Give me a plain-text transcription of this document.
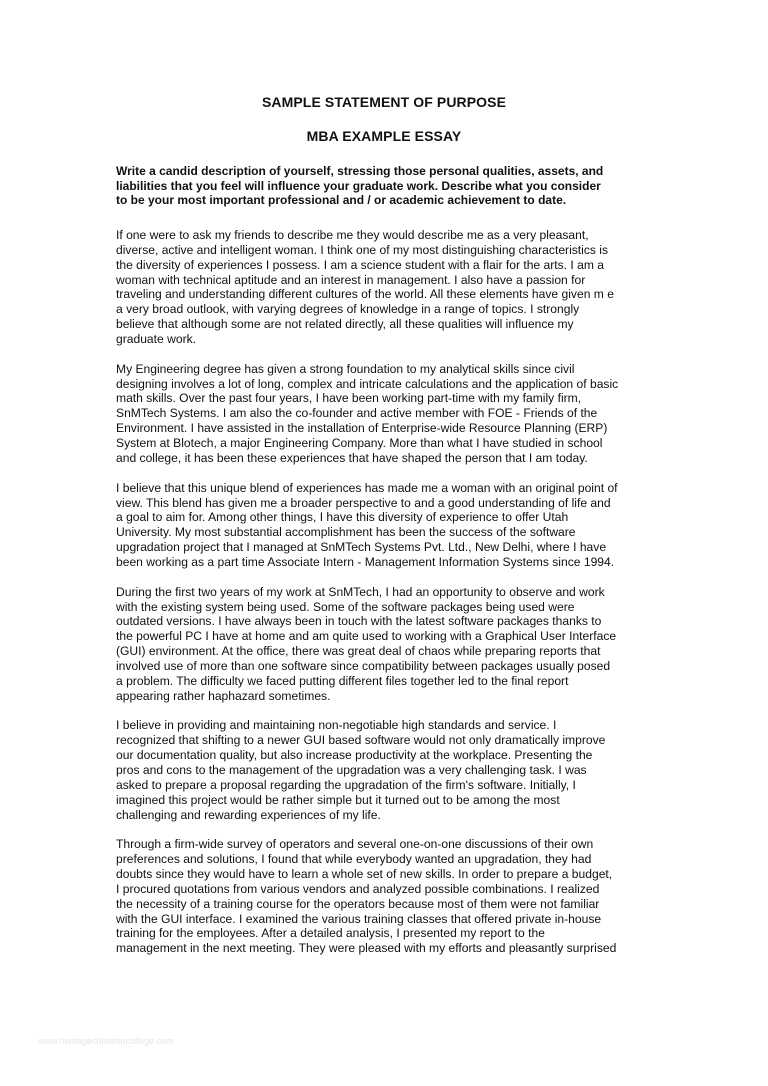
SAMPLE STATEMENT OF PURPOSE
MBA EXAMPLE ESSAY
Write a candid description of yourself, stressing those personal qualities, assets, and
liabilities that you feel will influence your graduate work. Describe what you consider
to be your most important professional and / or academic achievement to date.

If one were to ask my friends to describe me they would describe me as a very pleasant,
diverse, active and intelligent woman. I think one of my most distinguishing characteristics is
the diversity of experiences I possess. I am a science student with a flair for the arts. I am a
woman with technical aptitude and an interest in management. I also have a passion for
traveling and understanding different cultures of the world. All these elements have given m e
a very broad outlook, with varying degrees of knowledge in a range of topics. I strongly
believe that although some are not related directly, all these qualities will influence my
graduate work.

My Engineering degree has given a strong foundation to my analytical skills since civil
designing involves a lot of long, complex and intricate calculations and the application of basic
math skills. Over the past four years, I have been working part-time with my family firm,
SnMTech Systems. I am also the co-founder and active member with FOE - Friends of the
Environment. I have assisted in the installation of Enterprise-wide Resource Planning (ERP)
System at Blotech, a major Engineering Company. More than what I have studied in school
and college, it has been these experiences that have shaped the person that I am today.

I believe that this unique blend of experiences has made me a woman with an original point of
view. This blend has given me a broader perspective to and a good understanding of life and
a goal to aim for. Among other things, I have this diversity of experience to offer Utah
University. My most substantial accomplishment has been the success of the software
upgradation project that I managed at SnMTech Systems Pvt. Ltd., New Delhi, where I have
been working as a part time Associate Intern - Management Information Systems since 1994.

During the first two years of my work at SnMTech, I had an opportunity to observe and work
with the existing system being used. Some of the software packages being used were
outdated versions. I have always been in touch with the latest software packages thanks to
the powerful PC I have at home and am quite used to working with a Graphical User Interface
(GUI) environment. At the office, there was great deal of chaos while preparing reports that
involved use of more than one software since compatibility between packages usually posed
a problem. The difficulty we faced putting different files together led to the final report
appearing rather haphazard sometimes.

I believe in providing and maintaining non-negotiable high standards and service. I
recognized that shifting to a newer GUI based software would not only dramatically improve
our documentation quality, but also increase productivity at the workplace. Presenting the
pros and cons to the management of the upgradation was a very challenging task. I was
asked to prepare a proposal regarding the upgradation of the firm's software. Initially, I
imagined this project would be rather simple but it turned out to be among the most
challenging and rewarding experiences of my life.

Through a firm-wide survey of operators and several one-on-one discussions of their own
preferences and solutions, I found that while everybody wanted an upgradation, they had
doubts since they would have to learn a whole set of new skills. In order to prepare a budget,
I procured quotations from various vendors and analyzed possible combinations. I realized
the necessity of a training course for the operators because most of them were not familiar
with the GUI interface. I examined the various training classes that offered private in-house
training for the employees. After a detailed analysis, I presented my report to the
management in the next meeting. They were pleased with my efforts and pleasantly surprised

www.heritagechristiancollege.com
